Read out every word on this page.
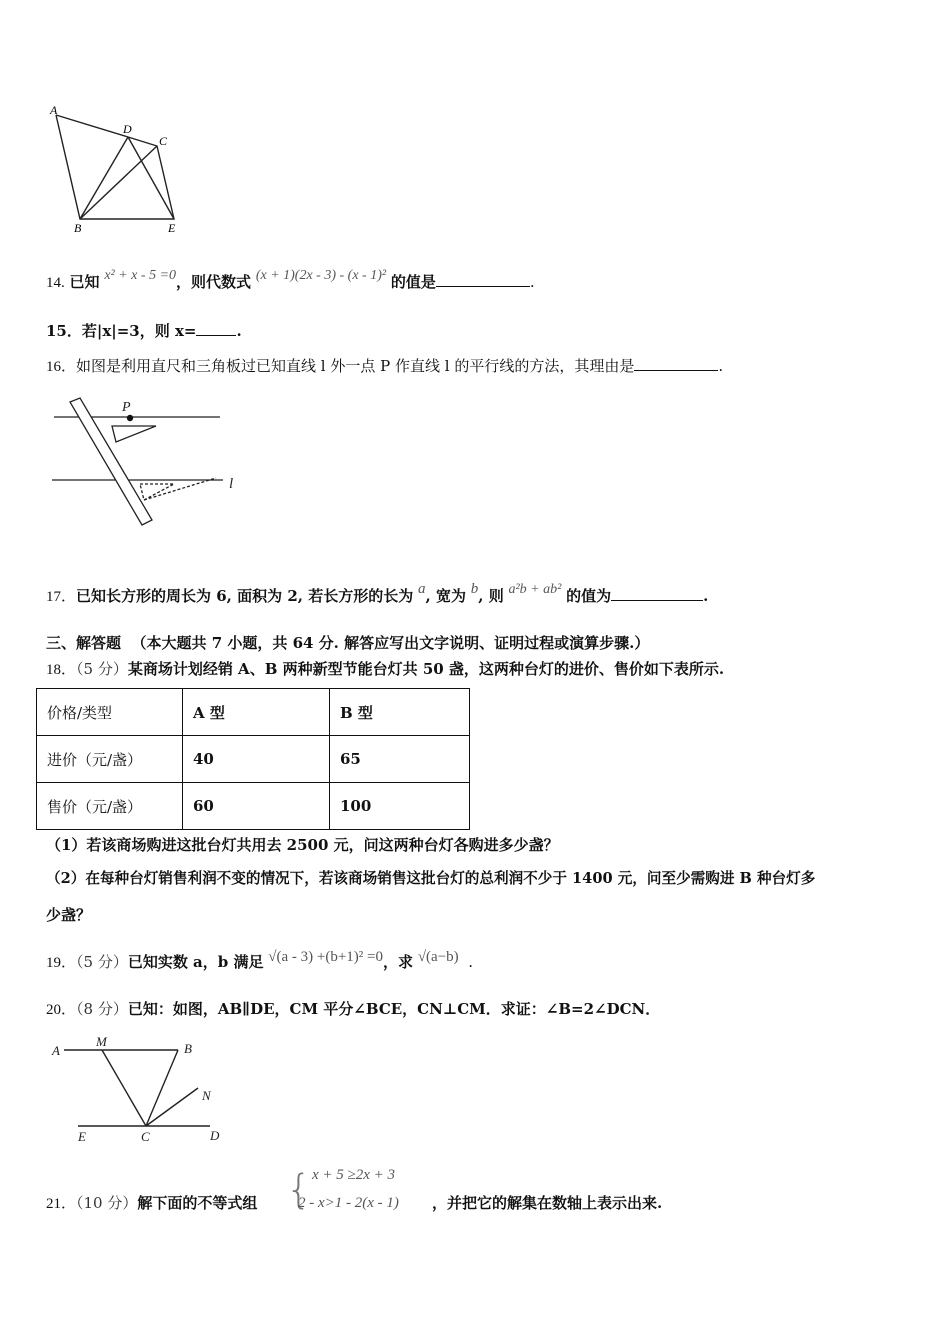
A
D
C
B	E
14. 已知 x² + x - 5 =0，则代数式 (x + 1)(2x - 3) - (x - 1)² 的值是	.
15．若|x|=3，则 x=	.
16．如图是利用直尺和三角板过已知直线 l 外一点 P 作直线 l 的平行线的方法，其理由是	.
P
l
17．已知长方形的周长为 6, 面积为 2, 若长方形的长为 a, 宽为 b, 则 a²b + ab² 的值为	.
三、解答题 （本大题共 7 小题，共 64 分. 解答应写出文字说明、证明过程或演算步骤.）
18．（5 分）某商场计划经销 A、B 两种新型节能台灯共 50 盏，这两种台灯的进价、售价如下表所示.
价格/类型	A 型	B 型
进价（元/盏）	40	65
售价（元/盏）	60	100
（1）若该商场购进这批台灯共用去 2500 元，问这两种台灯各购进多少盏？
（2）在每种台灯销售利润不变的情况下，若该商场销售这批台灯的总利润不少于 1400 元，问至少需购进 B 种台灯多
少盏？
19．（5 分）已知实数 a，b 满足 √(a - 3) +(b+1)² =0，求 √(a−b) .
20．（8 分）已知：如图，AB∥DE，CM 平分∠BCE，CN⊥CM．求证：∠B=2∠DCN．
A
M	B
N
E	C	D
21．（10 分）解下面的不等式组 { x + 5 ≥2x + 3
2 - x>1 - 2(x - 1) ，并把它的解集在数轴上表示出来.
